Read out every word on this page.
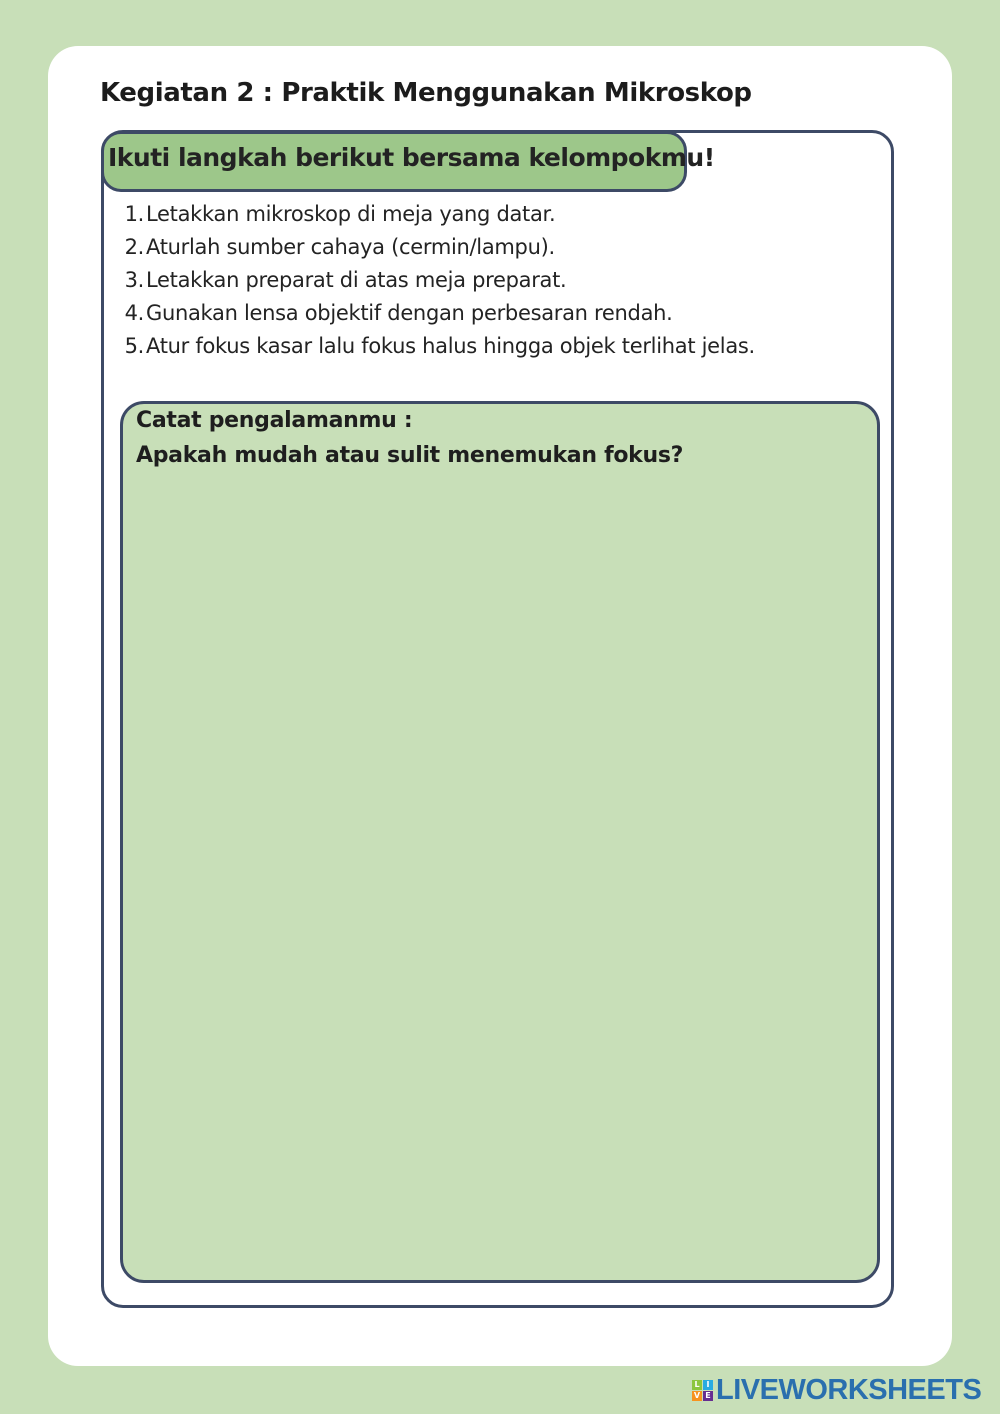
Kegiatan 2 : Praktik Menggunakan Mikroskop
Ikuti langkah berikut bersama kelompokmu!
1. Letakkan mikroskop di meja yang datar.
2. Aturlah sumber cahaya (cermin/lampu).
3. Letakkan preparat di atas meja preparat.
4. Gunakan lensa objektif dengan perbesaran rendah.
5. Atur fokus kasar lalu fokus halus hingga objek terlihat jelas.
Catat pengalamanmu :
Apakah mudah atau sulit menemukan fokus?
L I
V E LIVEWORKSHEETS
